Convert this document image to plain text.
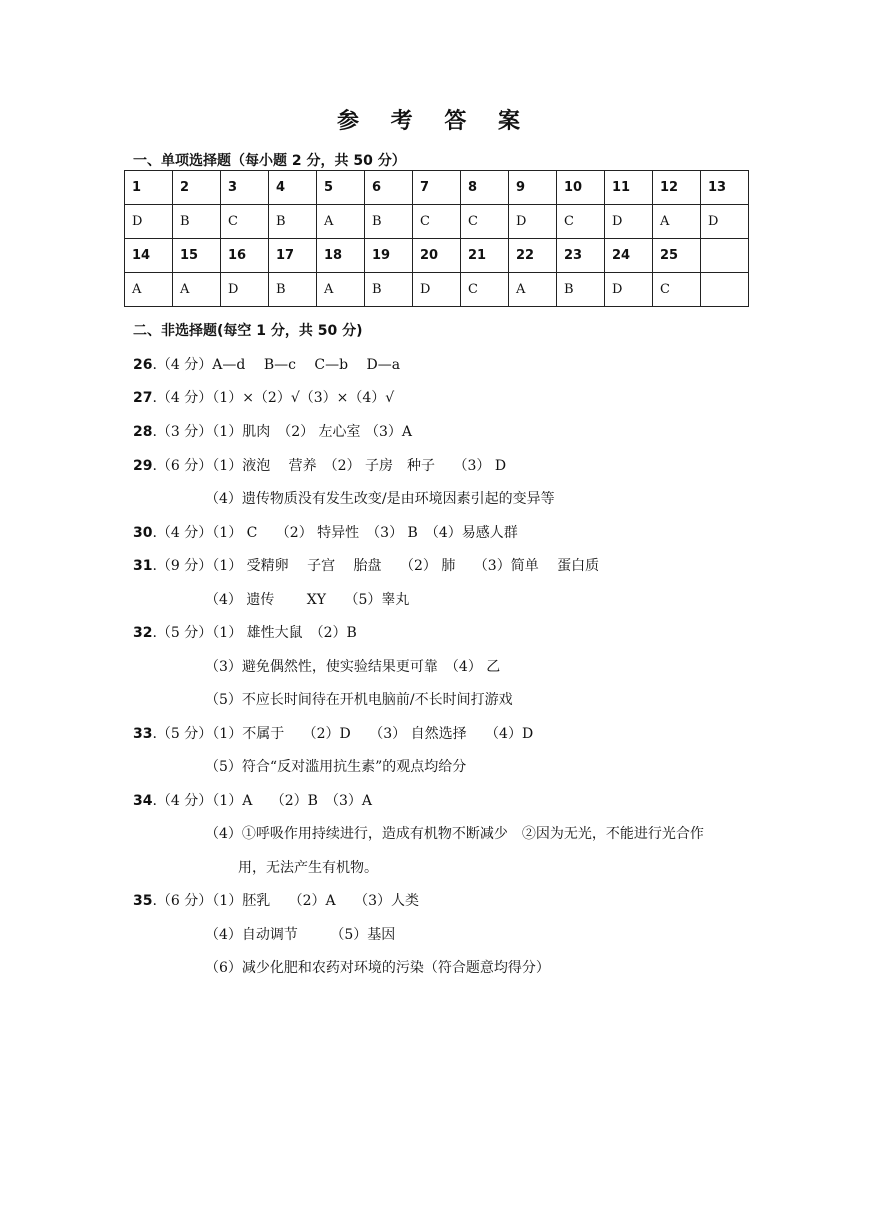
参 考 答 案
一、单项选择题（每小题 2 分，共 50 分）
1	2	3	4	5	6	7	8	9	10	11	12	13
D	B	C	B	A	B	C	C	D	C	D	A	D
14	15	16	17	18	19	20	21	22	23	24	25	
A	A	D	B	A	B	D	C	A	B	D	C	
二、非选择题(每空 1 分，共 50 分)
26.（4 分）A—d　 B—c　 C—b　 D—a
27.（4 分）（1）×（2）√（3）×（4）√
28.（3 分）（1）肌肉　（2） 左心室 （3）A
29.（6 分）（1）液泡　 营养　（2） 子房　种子　 （3） D
（4）遗传物质没有发生改变/是由环境因素引起的变异等
30.（4 分）（1） C　 （2） 特异性　（3） B　（4）易感人群
31.（9 分）（1） 受精卵　 子宫　 胎盘　 （2） 肺　 （3）简单　 蛋白质
（4） 遗传　　 XY　 （5）睾丸
32.（5 分）（1） 雄性大鼠　（2）B
（3）避免偶然性，使实验结果更可靠　（4） 乙
（5）不应长时间待在开机电脑前/不长时间打游戏
33.（5 分）（1）不属于　 （2）D　 （3） 自然选择　 （4）D
（5）符合“反对滥用抗生素”的观点均给分
34.（4 分）（1）A　 （2）B　（3）A
（4）①呼吸作用持续进行，造成有机物不断减少　②因为无光，不能进行光合作
用，无法产生有机物。
35.（6 分）（1）胚乳　 （2）A　 （3）人类
（4）自动调节　　 （5）基因
（6）减少化肥和农药对环境的污染（符合题意均得分）
